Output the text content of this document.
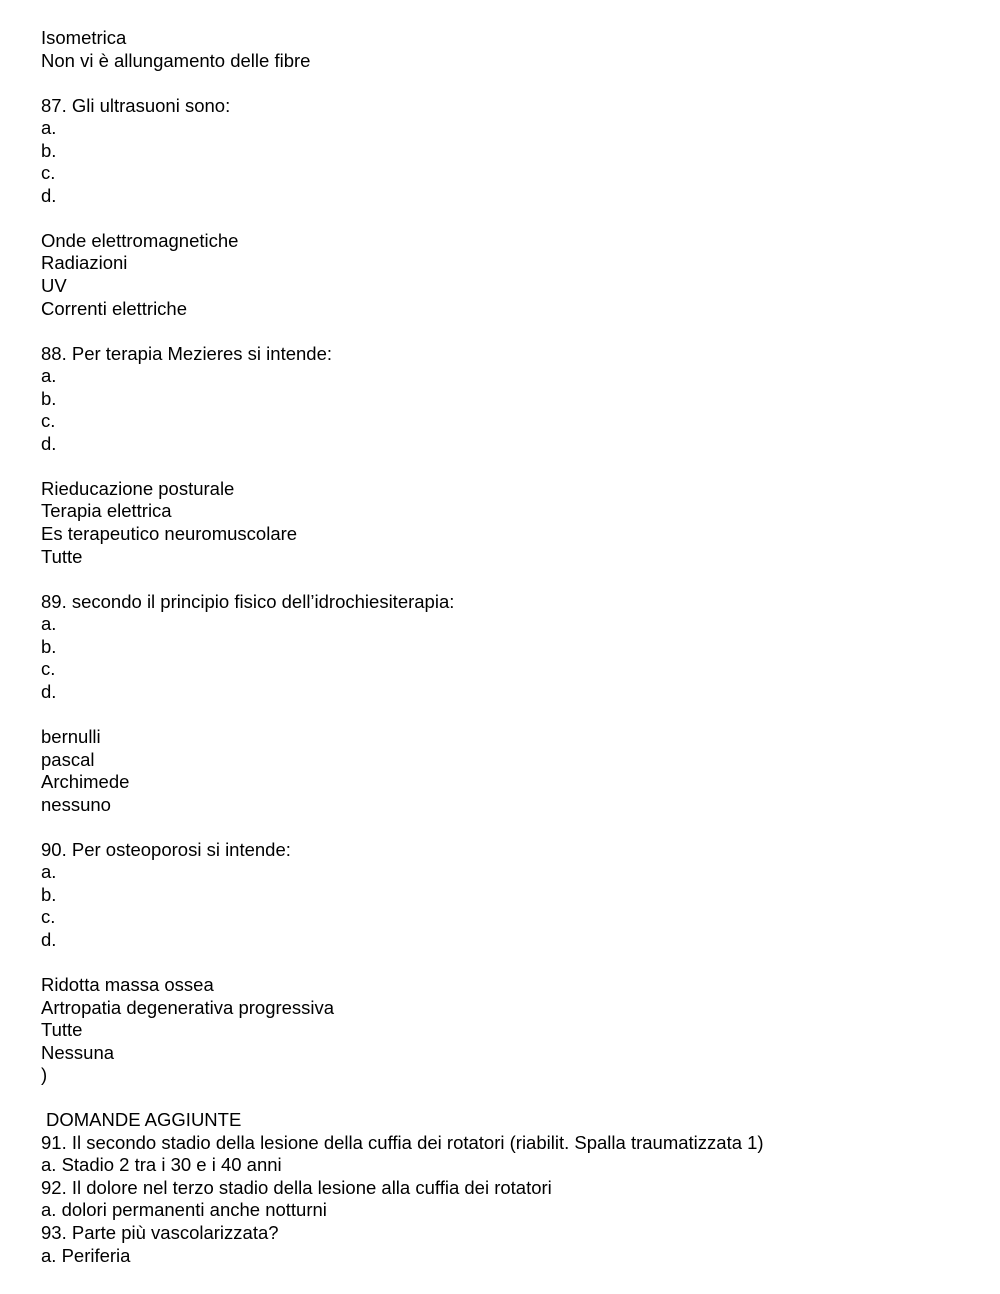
Isometrica
Non vi è allungamento delle fibre
87. Gli ultrasuoni sono:
a.
b.
c.
d.
Onde elettromagnetiche
Radiazioni
UV
Correnti elettriche
88. Per terapia Mezieres si intende:
a.
b.
c.
d.
Rieducazione posturale
Terapia elettrica
Es terapeutico neuromuscolare
Tutte
89. secondo il principio fisico dell’idrochiesiterapia:
a.
b.
c.
d.
bernulli
pascal
Archimede
nessuno
90. Per osteoporosi si intende:
a.
b.
c.
d.
Ridotta massa ossea
Artropatia degenerativa progressiva
Tutte
Nessuna
)
DOMANDE AGGIUNTE
91. Il secondo stadio della lesione della cuffia dei rotatori (riabilit. Spalla traumatizzata 1)
a. Stadio 2 tra i 30 e i 40 anni
92. Il dolore nel terzo stadio della lesione alla cuffia dei rotatori
a. dolori permanenti anche notturni
93. Parte più vascolarizzata?
a. Periferia
